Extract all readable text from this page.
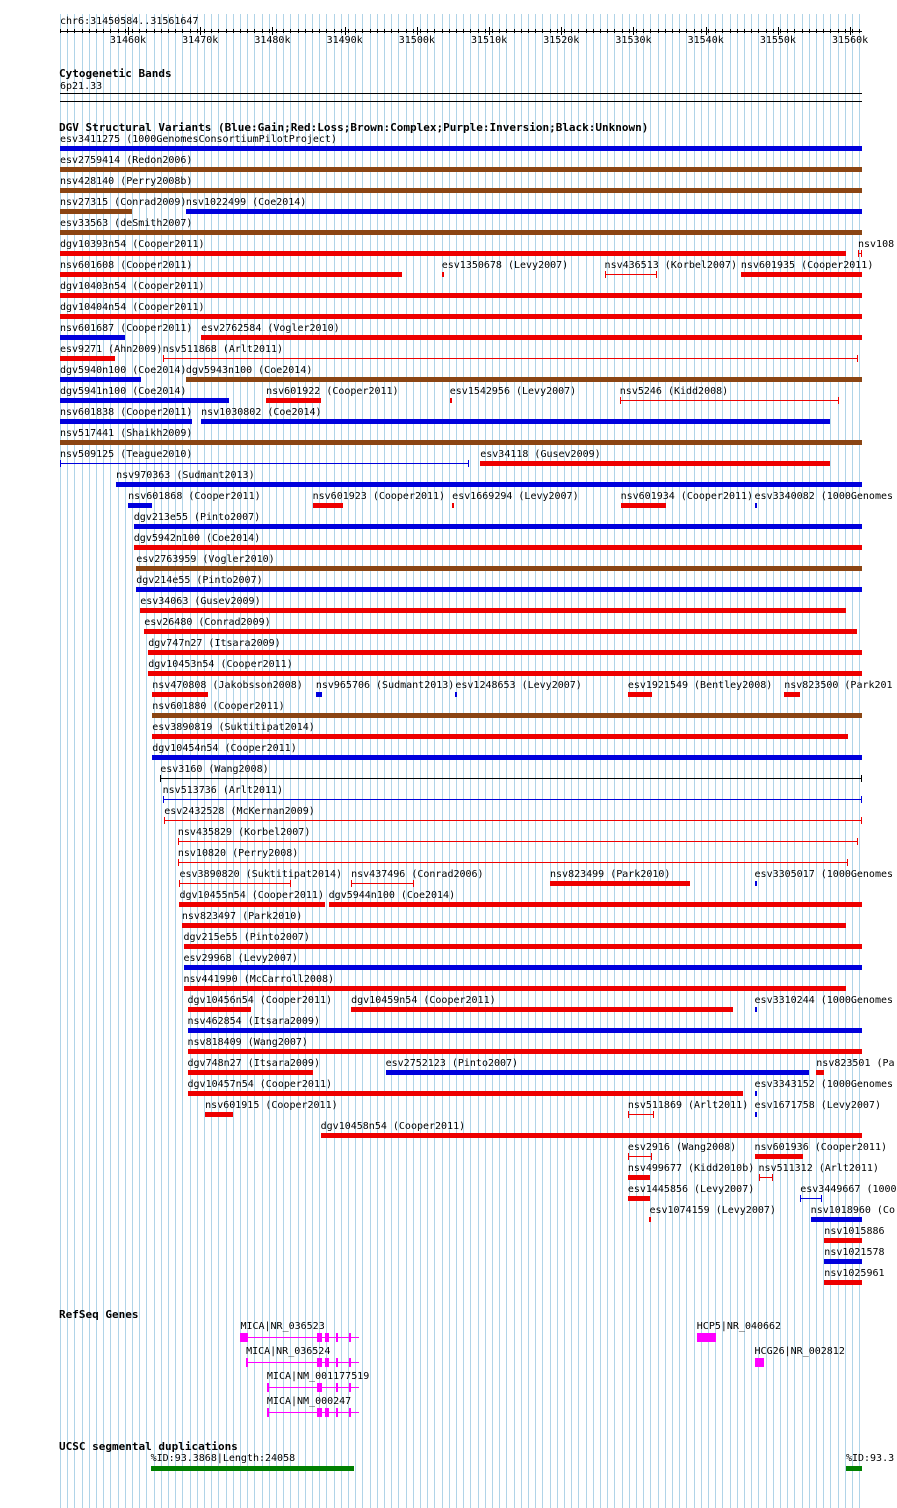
chr6:31450584..31561647
31460k	31470k	31480k	31490k	31500k	31510k	31520k	31530k	31540k	31550k	31560k
Cytogenetic Bands
6p21.33
DGV Structural Variants (Blue:Gain;Red:Loss;Brown:Complex;Purple:Inversion;Black:Unknown)
esv3411275 (1000GenomesConsortiumPilotProject)
esv2759414 (Redon2006)
nsv428140 (Perry2008b)
nsv27315 (Conrad2009) nsv1022499 (Coe2014)
esv33563 (deSmith2007)
dgv10393n54 (Cooper2011)	nsv108
nsv601608 (Cooper2011)	esv1350678 (Levy2007)	nsv436513 (Korbel2007) nsv601935 (Cooper2011)
dgv10403n54 (Cooper2011)
dgv10404n54 (Cooper2011)
nsv601687 (Cooper2011) esv2762584 (Vogler2010)
esv9271 (Ahn2009) nsv511868 (Arlt2011)
dgv5940n100 (Coe2014) dgv5943n100 (Coe2014)
dgv5941n100 (Coe2014)	nsv601922 (Cooper2011)	esv1542956 (Levy2007)	nsv5246 (Kidd2008)
nsv601838 (Cooper2011) nsv1030802 (Coe2014)
nsv517441 (Shaikh2009)
nsv509125 (Teague2010)	esv34118 (Gusev2009)
nsv970363 (Sudmant2013)
nsv601868 (Cooper2011)	nsv601923 (Cooper2011) esv1669294 (Levy2007)	nsv601934 (Cooper2011) esv3340082 (1000Genomes
dgv213e55 (Pinto2007)
dgv5942n100 (Coe2014)
esv2763959 (Vogler2010)
dgv214e55 (Pinto2007)
esv34063 (Gusev2009)
esv26480 (Conrad2009)
dgv747n27 (Itsara2009)
dgv10453n54 (Cooper2011)
nsv470808 (Jakobsson2008) nsv965706 (Sudmant2013) esv1248653 (Levy2007)	esv1921549 (Bentley2008) nsv823500 (Park201
nsv601880 (Cooper2011)
esv3890819 (Suktitipat2014)
dgv10454n54 (Cooper2011)
esv3160 (Wang2008)
nsv513736 (Arlt2011)
esv2432528 (McKernan2009)
nsv435829 (Korbel2007)
nsv10820 (Perry2008)
esv3890820 (Suktitipat2014) nsv437496 (Conrad2006)	nsv823499 (Park2010)	esv3305017 (1000Genomes
dgv10455n54 (Cooper2011) dgv5944n100 (Coe2014)
nsv823497 (Park2010)
dgv215e55 (Pinto2007)
esv29968 (Levy2007)
nsv441990 (McCarroll2008)
dgv10456n54 (Cooper2011) dgv10459n54 (Cooper2011)	esv3310244 (1000Genomes
nsv462854 (Itsara2009)
nsv818409 (Wang2007)
dgv748n27 (Itsara2009)	esv2752123 (Pinto2007)	nsv823501 (Pa
dgv10457n54 (Cooper2011)	esv3343152 (1000Genomes
nsv601915 (Cooper2011)	nsv511869 (Arlt2011) esv1671758 (Levy2007)
dgv10458n54 (Cooper2011)
esv2916 (Wang2008) nsv601936 (Cooper2011)
nsv499677 (Kidd2010b) nsv511312 (Arlt2011)
esv1445856 (Levy2007)	esv3449667 (1000
esv1074159 (Levy2007)	nsv1018960 (Co
nsv1015886
nsv1021578
nsv1025961
RefSeq Genes
MICA|NR_036523
MICA|NR_036524
MICA|NM_001177519
MICA|NM_000247
HCP5|NR_040662
HCG26|NR_002812
UCSC segmental duplications
%ID:93.3868|Length:24058	%ID:93.3
